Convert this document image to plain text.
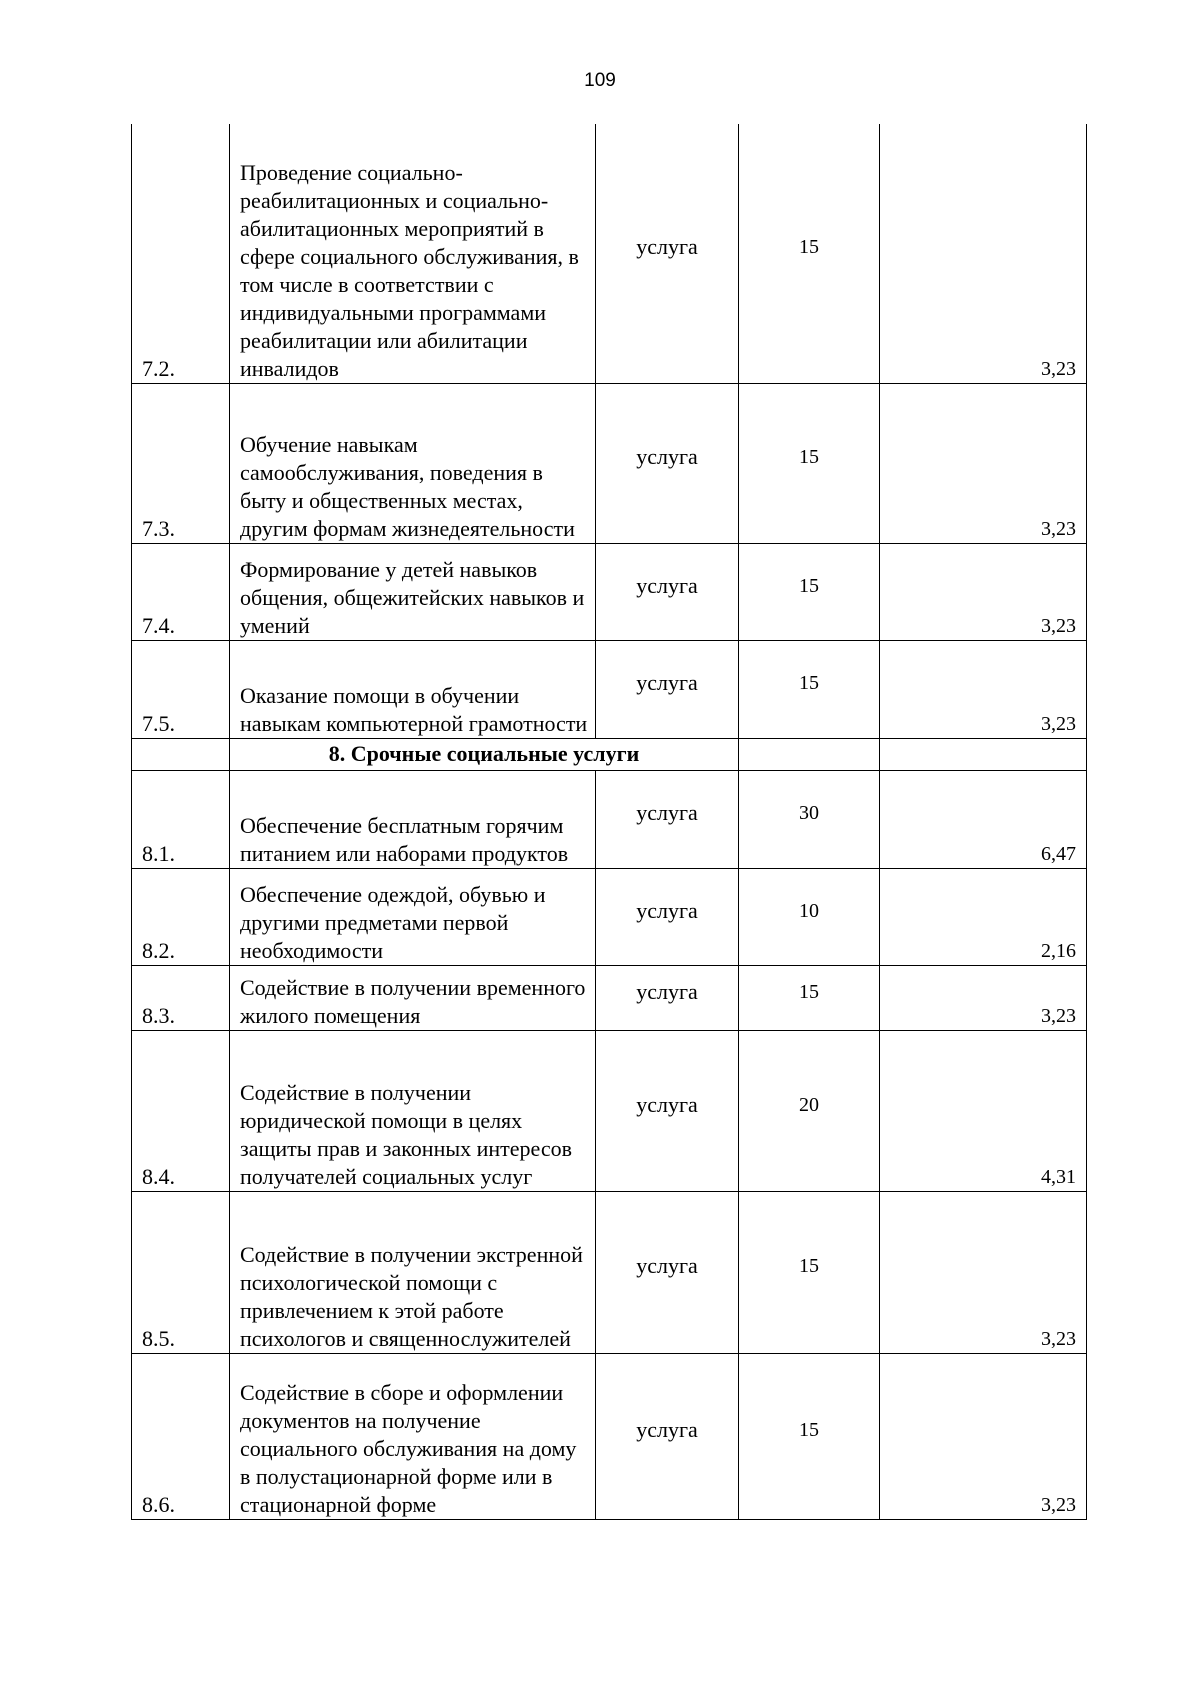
109
7.2.	Проведение социально-реабилитационных и социально-абилитационных мероприятий в сфере социального обслуживания, в том числе в соответствии с индивидуальными программами реабилитации или абилитации инвалидов	услуга	15	3,23
7.3.	Обучение навыкам самообслуживания, поведения в быту и общественных местах, другим формам жизнедеятельности	услуга	15	3,23
7.4.	Формирование у детей навыков общения, общежитейских навыков и умений	услуга	15	3,23
7.5.	Оказание помощи в обучении навыкам компьютерной грамотности	услуга	15	3,23
	8. Срочные социальные услуги			
8.1.	Обеспечение бесплатным горячим питанием или наборами продуктов	услуга	30	6,47
8.2.	Обеспечение одеждой, обувью и другими предметами первой необходимости	услуга	10	2,16
8.3.	Содействие в получении временного жилого помещения	услуга	15	3,23
8.4.	Содействие в получении юридической помощи в целях защиты прав и законных интересов получателей социальных услуг	услуга	20	4,31
8.5.	Содействие в получении экстренной психологической помощи с привлечением к этой работе психологов и священнослужителей	услуга	15	3,23
8.6.	Содействие в сборе и оформлении документов на получение социального обслуживания на дому в полустационарной форме или в стационарной форме	услуга	15	3,23
